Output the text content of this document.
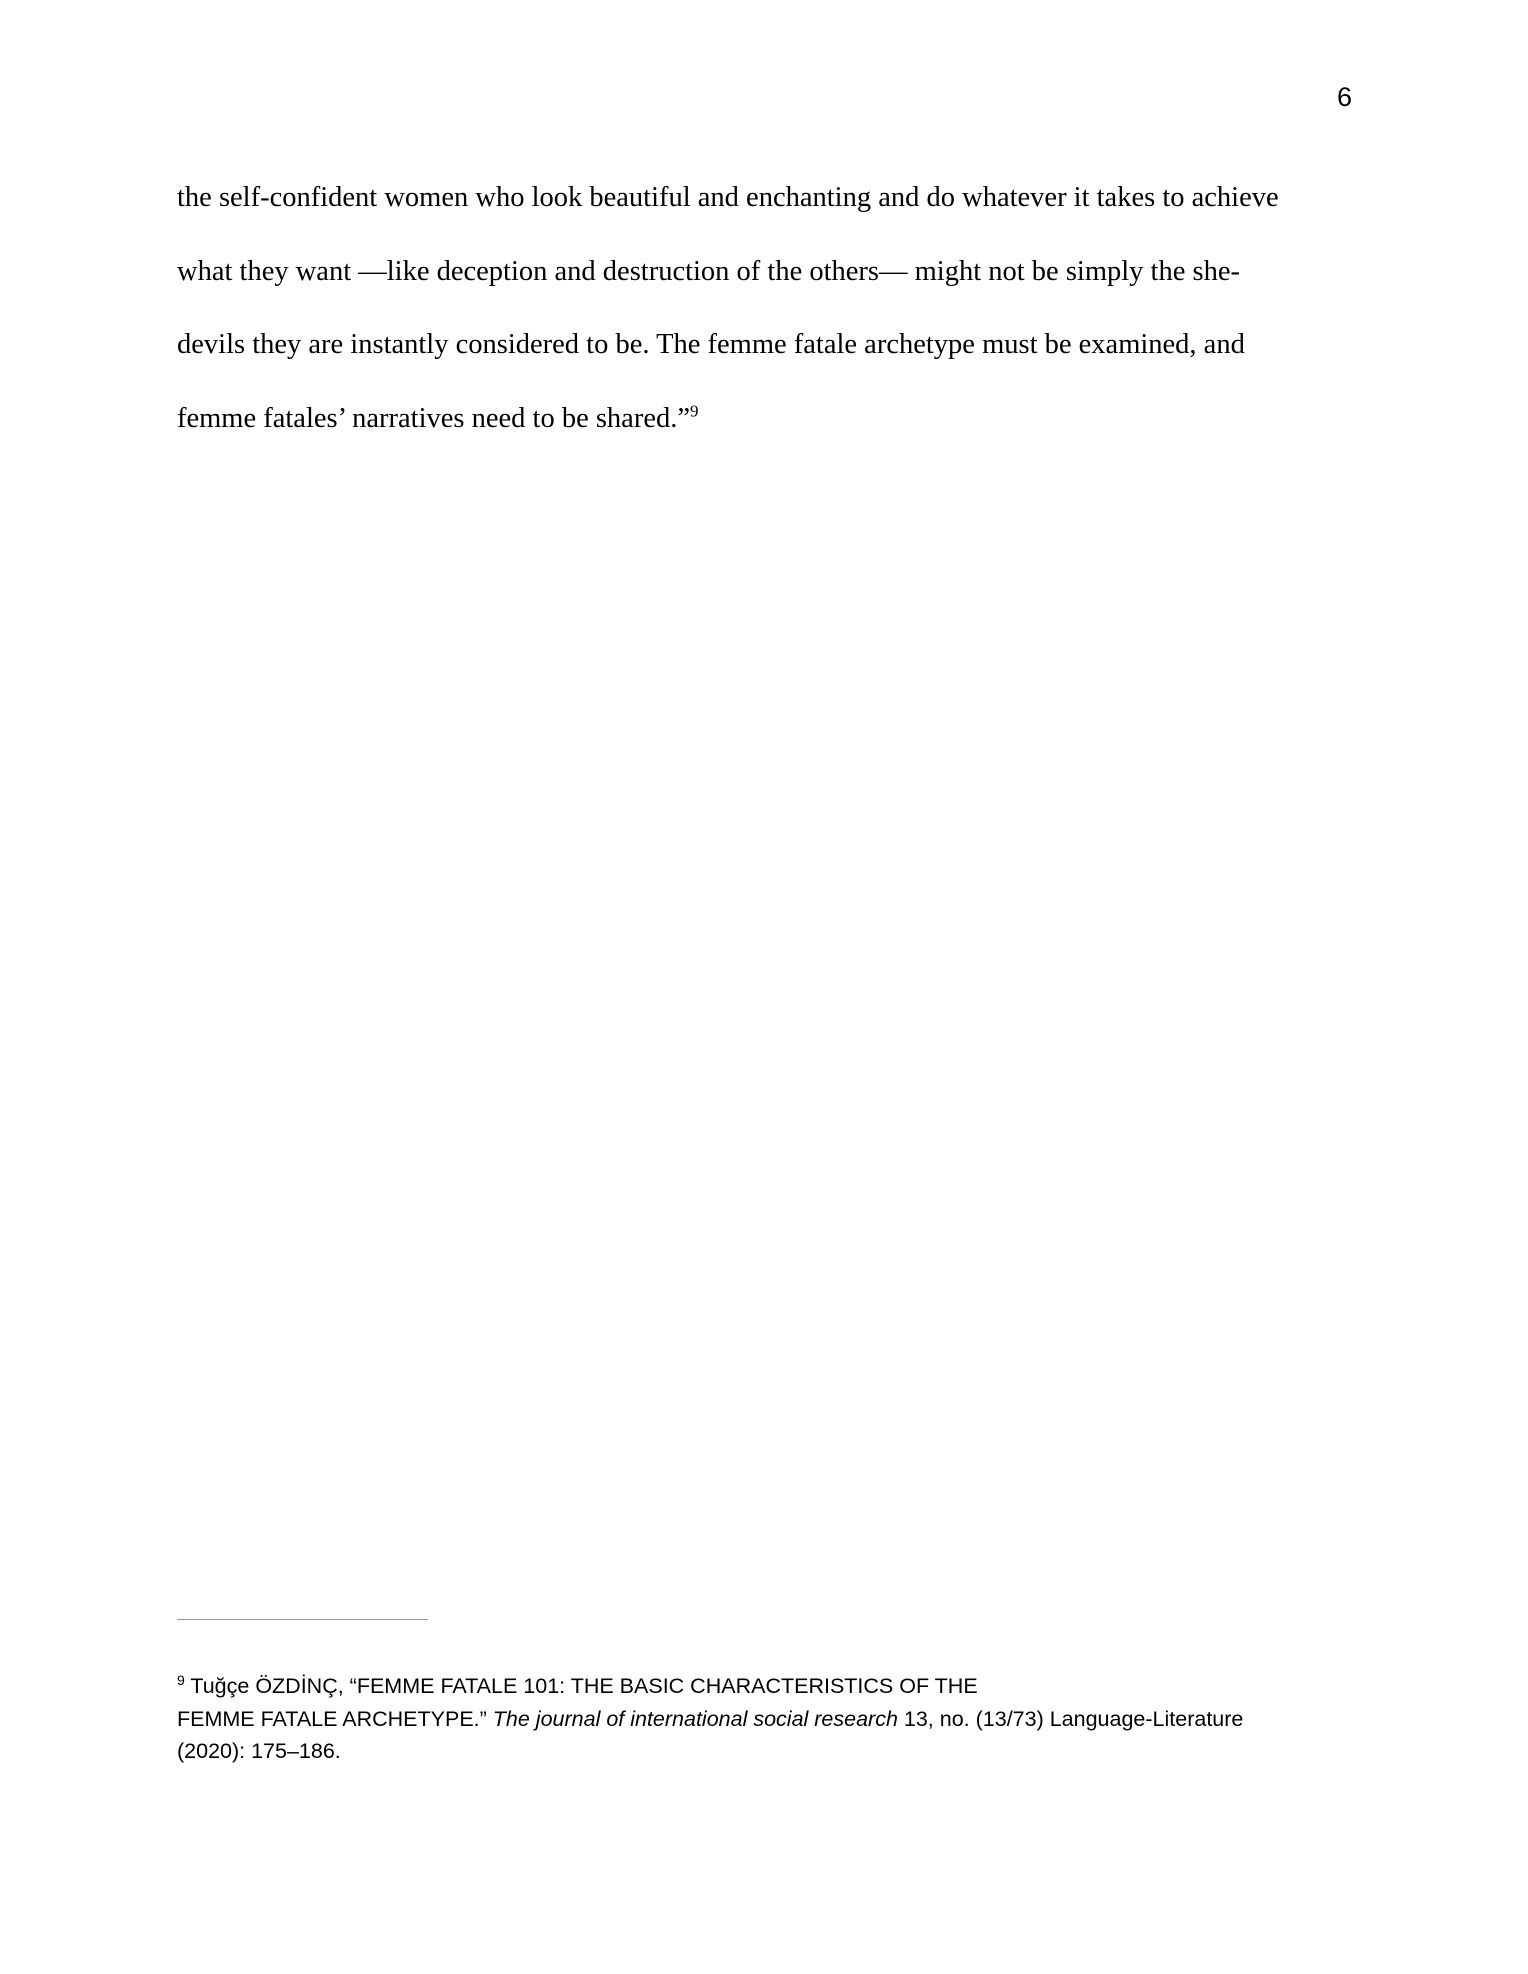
6
the self-confident women who look beautiful and enchanting and do whatever it takes to achieve
what they want —like deception and destruction of the others— might not be simply the she-
devils they are instantly considered to be. The femme fatale archetype must be examined, and
femme fatales’ narratives need to be shared.”$^9$
$^9$ Tuğçe ÖZDİNÇ, “FEMME FATALE 101: THE BASIC CHARACTERISTICS OF THE
FEMME FATALE ARCHETYPE.” The journal of international social research 13, no. (13/73) Language-Literature
(2020): 175–186.
